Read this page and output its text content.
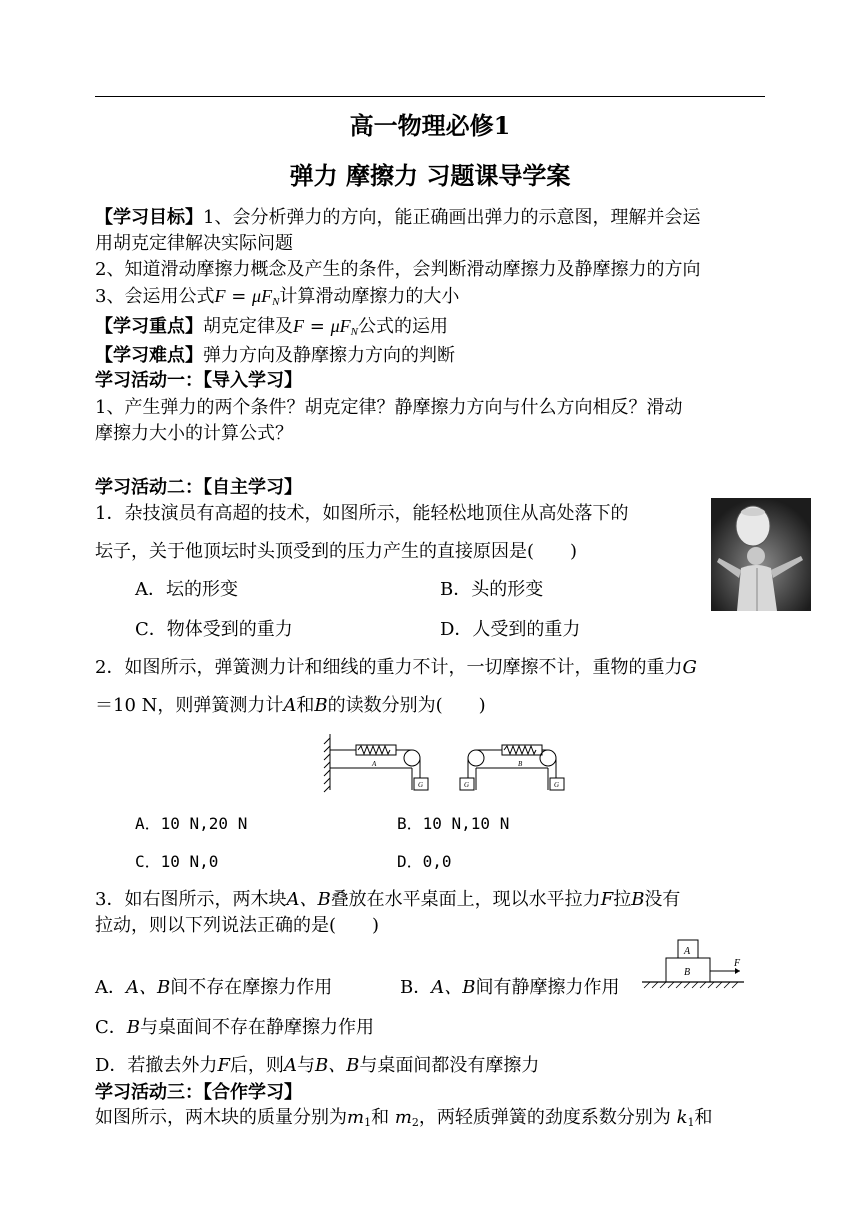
高一物理必修1
弹力 摩擦力 习题课导学案
【学习目标】1、会分析弹力的方向，能正确画出弹力的示意图，理解并会运
用胡克定律解决实际问题
2、知道滑动摩擦力概念及产生的条件，会判断滑动摩擦力及静摩擦力的方向
3、会运用公式$F = \mu F_N$计算滑动摩擦力的大小
【学习重点】胡克定律及$F = \mu F_N$公式的运用
【学习难点】弹力方向及静摩擦力方向的判断
学习活动一：【导入学习】
1、产生弹力的两个条件？胡克定律？静摩擦力方向与什么方向相反？滑动
摩擦力大小的计算公式？
学习活动二：【自主学习】
1．杂技演员有高超的技术，如图所示，能轻松地顶住从高处落下的
坛子，关于他顶坛时头顶受到的压力产生的直接原因是(　　)
A．坛的形变	B．头的形变
C．物体受到的重力	D．人受到的重力
2．如图所示，弹簧测力计和细线的重力不计，一切摩擦不计，重物的重力G
＝10 N，则弹簧测力计A和B的读数分别为(　　)
A	B
G	G	G
A．10 N,20 N	B．10 N,10 N
C．10 N,0	D．0,0
3．如右图所示，两木块A、B叠放在水平桌面上，现以水平拉力F拉B没有
拉动，则以下列说法正确的是(　　)
A．A、B间不存在摩擦力作用	B．A、B间有静摩擦力作用
A
B
F
C．B与桌面间不存在静摩擦力作用
D．若撤去外力F后，则A与B、B与桌面间都没有摩擦力
学习活动三：【合作学习】
如图所示，两木块的质量分别为$m_1$和 $m_2$，两轻质弹簧的劲度系数分别为 $k_1$和
